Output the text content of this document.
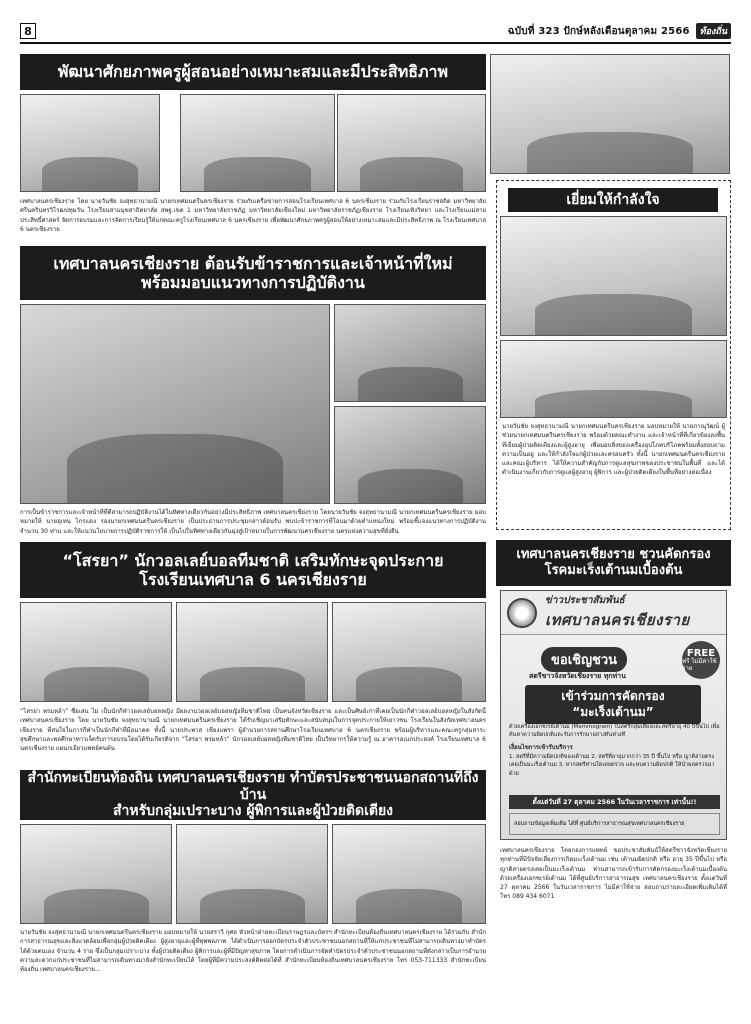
8	ฉบับที่ 323 ปักษ์หลังเดือนตุลาคม 2566	ท้องถิ่น
พัฒนาศักยภาพครูผู้สอนอย่างเหมาะสมและมีประสิทธิภาพ
เทศบาลนครเชียงราย โดย นายวันชัย จงสุทธานามณี นายกเทศมนตรีนครเชียงราย ร่วมกับเครือข่ายการสอนโรงเรียนเทศบาล 6 นครเชียงราย ร่วมกับโรงเรียนราชสถิต มหาวิทยาลัยศรีนครินทรวิโรฒปทุมวัน โรงเรียนสามมุขสาธิตยาลัย สพฐ.เขต 1 มหาวิทยาลัยราชภัฏ มหาวิทยาลัยเชียงใหม่ มหาวิทยาลัยราชภัฏเชียงราย โรงเรียนเทิงวิทยา และโรงเรียนแม่สายประสิทธิ์ศาสตร์ จัดการอบรมและการจัดการเรียนรู้ให้แก่คณะครูโรงเรียนเทศบาล 6 นครเชียงราย เพื่อพัฒนาศักยภาพครูผู้สอนให้อย่างเหมาะสมและมีประสิทธิภาพ ณ โรงเรียนเทศบาล 6 นครเชียงราย
เทศบาลนครเชียงราย ต้อนรับข้าราชการและเจ้าหน้าที่ใหม่
พร้อมมอบแนวทางการปฏิบัติงาน
การเป็นข้าราชการและเจ้าหน้าที่ที่ดีสามารถปฏิบัติงานได้ในทิศทางเดียวกันอย่างมีประสิทธิภาพ เทศบาลนครเชียงราย โดยนายวันชัย จงสุทธานามณี นายกเทศมนตรีนครเชียงราย มอบหมายให้ นายอุเทน ไกรแดง รองนายกเทศมนตรีนครเชียงราย เป็นประธานการประชุมกล่าวต้อนรับ พบปะข้าราชการที่โอนมาด้วยตำแหน่งใหม่ พร้อมชี้แจงแนวทางการปฏิบัติงาน จำนวน 30 ท่าน และให้แนวนโยบายการปฏิบัติราชการให้ เป็นไปในทิศทางเดียวกันมุ่งสู่เป้าหมายในการพัฒนานครเชียงราย นครแห่งความสุขที่ยั่งยืน
“โสรยา” นักวอลเลย์บอลทีมชาติ เสริมทักษะจุดประกาย
โรงเรียนเทศบาล 6 นครเชียงราย
“โสรยา พรมหล้า” ชื่อเล่น ไม่ เป็นนักกีฬาวอลเลย์บอลหญิง มีผลงานวอลเลย์บอลหญิงทีมชาติไทย เป็นคนจังหวัดเชียงราย และเป็นศิษย์เก่าที่เคยเป็นนักกีฬาวอลเลย์บอลหญิงในสังกัดนี้ เทศบาลนครเชียงราย โดย นายวันชัย จงสุทธานามณี นายกเทศมนตรีนครเชียงราย ได้รับเชิญมาเสริมทักษะและสนับสนุนในการจุดประกายให้เยาวชน โรงเรียนในสังกัดเทศบาลนครเชียงราย ที่สนใจในการกีฬาเป็นนักกีฬาที่มีอนาคต ทั้งนี้ นายประพาส เชียงแพรา ผู้อำนวยการสถานศึกษาโรงเรียนเทศบาล 6 นครเชียงราย พร้อมผู้บริหารและคณะครูกลุ่มสาระสุขศึกษาและพลศึกษาทาวเจ็ดรับการอบรมโดยได้รับเกียรติจาก “โสรยา พรมหล้า” นักวอลเลย์บอลหญิงทีมชาติไทย เป็นวิทยากรให้ความรู้ ณ อาคารอเนกประสงค์ โรงเรียนเทศบาล 6 นครเชียงราย แผนกเยียวแพทย์คนต้น
สำนักทะเบียนท้องถิ่น เทศบาลนครเชียงราย ทำบัตรประชาชนนอกสถานที่ถึงบ้าน
สำหรับกลุ่มเปราะบาง ผู้พิการและผู้ป่วยติดเตียง
นายวันชัย จงสุทธานามณี นายกเทศมนตรีนครเชียงราย มอบหมายให้ นายสราวิ กุศล หัวหน้าฝ่ายทะเบียนราษฎรและบัตรฯ สำนักทะเบียนท้องถิ่นเทศบาลนครเชียงราย ได้ร่วมกับ สำนักการสาธารณสุขและสิ่งแวดล้อมเพื่อกลุ่มผู้ป่วยติดเตียง ผู้สูงอายุและผู้ที่ทุพพลภาพ ได้ดำเนินการออกบัตรประจำตัวประชาชนนอกสถานที่ให้แก่ประชาชนที่ไม่สามารถเดินทางมาทำบัตรได้ด้วยตนเอง จำนวน 4 ราย ซึ่งเป็นกลุ่มเปราะบาง ทั้งผู้ป่วยติดเตียง ผู้พิการและผู้ที่มีปัญหาสุขภาพ โดยการดำเนินการจัดทำบัตรประจำตัวประชาชนนอกสถานที่ดังกล่าวเป็นการอำนวยความสะดวกแก่ประชาชนที่ไม่สามารถเดินทางมายังสำนักทะเบียนได้ โดยผู้ที่มีความประสงค์ติดต่อได้ที่ สำนักทะเบียนท้องถิ่นเทศบาลนครเชียงราย โทร 053-711333 สำนักทะเบียนท้องถิ่น เทศบาลนครเชียงราย...
เยี่ยมให้กำลังใจ
นายวันชัย จงสุทธานามณี นายกเทศมนตรีนครเชียงราย มอบหมายให้ นายภาณุวัฒน์ ผู้ช่วยนายกเทศมนตรีนครเชียงราย พร้อมด้วยคณะทำงาน และเจ้าหน้าที่ที่เกี่ยวข้องลงพื้นที่เยี่ยมผู้ป่วยติดเตียงและผู้สูงอายุ เพื่อมอบสิ่งของเครื่องอุปโภคบริโภคพร้อมทั้งสอบถามความเป็นอยู่ และให้กำลังใจแก่ผู้ป่วยและครอบครัว ทั้งนี้ นายกเทศมนตรีนครเชียงราย และคณะผู้บริหาร ได้ให้ความสำคัญกับการดูแลสุขภาพของประชาชนในพื้นที่ และได้ดำเนินงานเกี่ยวกับการดูแลผู้สูงอายุ ผู้พิการ และผู้ป่วยติดเตียงในพื้นที่อย่างต่อเนื่อง
เทศบาลนครเชียงราย ชวนคัดกรอง
โรคมะเร็งเต้านมเบื้องต้น
ข่าวประชาสัมพันธ์
เทศบาลนครเชียงราย
ขอเชิญชวน	FREE
ฟรี ไม่มีค่าใช้จ่าย
สตรีชาวจังหวัดเชียงราย ทุกท่าน
เข้าร่วมการคัดกรอง
“มะเร็งเต้านม”
ด้วยเครื่องเอกซเรย์เต้านม (Mammogram) ในสตรีกลุ่มเสี่ยงและสตรีอายุ 40 ปีขึ้นไป เพื่อค้นหาความผิดปกติและรับการรักษาอย่างทันท่วงที
เงื่อนไขการเข้ารับบริการ
1. สตรีที่มีความผิดปกติของเต้านม 2. สตรีที่อายุมากกว่า 35 ปี ขึ้นไป หรือ ญาติสายตรงเคยเป็นมะเร็งเต้านม 3. หากสตรีท่านใดเคยตรวจ และพบความผิดปกติ ให้นำผลตรวจมาด้วย
ตั้งแต่วันที่ 27 ตุลาคม 2566 ในวันเวลาราชการ เท่านั้น!!
สอบถามข้อมูลเพิ่มเติม ได้ที่ ศูนย์บริการสาธารณสุขเทศบาลนครเชียงราย
เทศบาลนครเชียงราย โดยกองการแพทย์ ขอประชาสัมพันธ์ให้สตรีชาวจังหวัดเชียงราย ทุกท่านที่มีปัจจัยเสี่ยงการเกิดมะเร็งเต้านม เช่น เต้านมผิดปกติ หรือ อายุ 35 ปีขึ้นไป หรือ ญาติสายตรงเคยเป็นมะเร็งเต้านม ท่านสามารถเข้ารับการคัดกรองมะเร็งเต้านมเบื้องต้นด้วยเครื่องเอกซเรย์เต้านม ได้ที่ศูนย์บริการสาธารณสุข เทศบาลนครเชียงราย ตั้งแต่วันที่ 27 ตุลาคม 2566 ในวันเวลาราชการ ไม่มีค่าใช้จ่าย สอบถามรายละเอียดเพิ่มเติมได้ที่ โทร 089 434 6071
